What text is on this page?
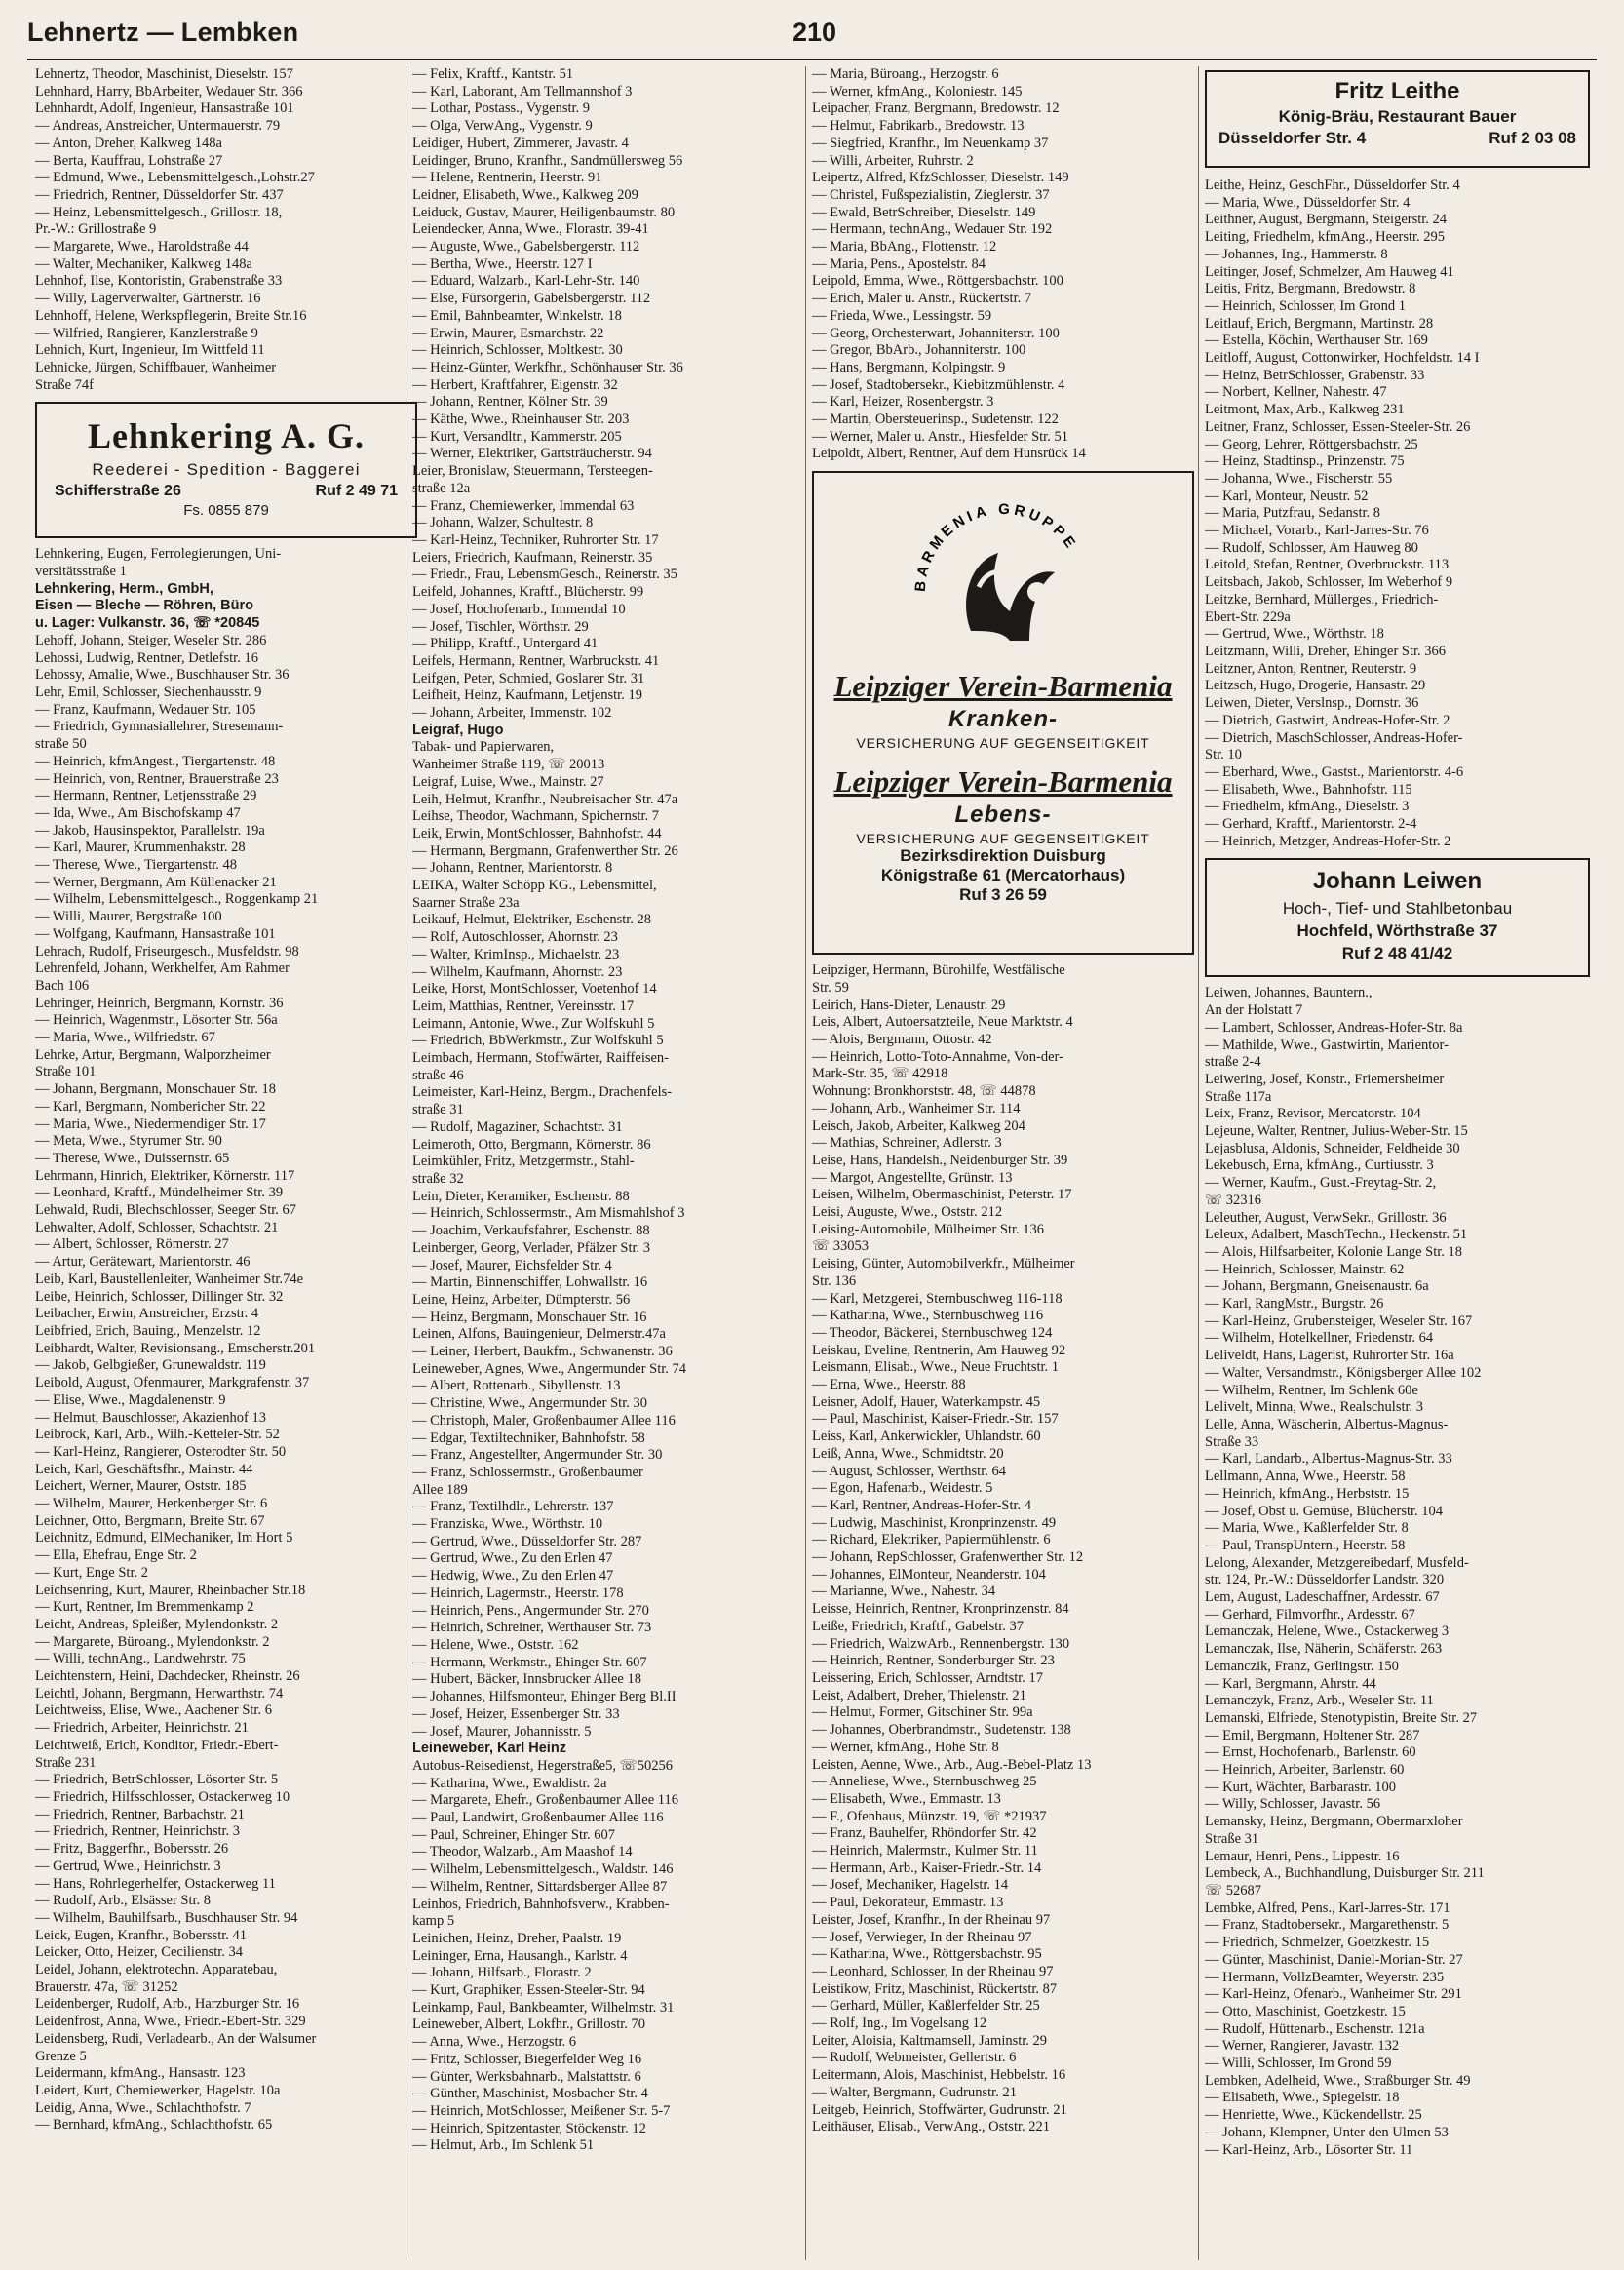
Lehnertz — Lembken	210
Lehnertz, Theodor, Maschinist, Dieselstr. 157
Lehnhard, Harry, BbArbeiter, Wedauer Str. 366
Lehnhardt, Adolf, Ingenieur, Hansastraße 101
— Andreas, Anstreicher, Untermauerstr. 79
— Anton, Dreher, Kalkweg 148a
— Berta, Kauffrau, Lohstraße 27
— Edmund, Wwe., Lebensmittelgesch.,Lohstr.27
— Friedrich, Rentner, Düsseldorfer Str. 437
— Heinz, Lebensmittelgesch., Grillostr. 18,
Pr.-W.: Grillostraße 9
— Margarete, Wwe., Haroldstraße 44
— Walter, Mechaniker, Kalkweg 148a
Lehnhof, Ilse, Kontoristin, Grabenstraße 33
— Willy, Lagerverwalter, Gärtnerstr. 16
Lehnhoff, Helene, Werkspflegerin, Breite Str.16
— Wilfried, Rangierer, Kanzlerstraße 9
Lehnich, Kurt, Ingenieur, Im Wittfeld 11
Lehnicke, Jürgen, Schiffbauer, Wanheimer
Straße 74f
Lehnkering A. G.
Reederei - Spedition - Baggerei
Schifferstraße 26	Ruf 2 49 71
Fs. 0855 879
Lehnkering, Eugen, Ferrolegierungen, Uni-
versitätsstraße 1
Lehnkering, Herm., GmbH,
Eisen — Bleche — Röhren, Büro
u. Lager: Vulkanstr. 36, ☏ *20845
Lehoff, Johann, Steiger, Weseler Str. 286
Lehossi, Ludwig, Rentner, Detlefstr. 16
Lehossy, Amalie, Wwe., Buschhauser Str. 36
Lehr, Emil, Schlosser, Siechenhausstr. 9
— Franz, Kaufmann, Wedauer Str. 105
— Friedrich, Gymnasiallehrer, Stresemann-
straße 50
— Heinrich, kfmAngest., Tiergartenstr. 48
— Heinrich, von, Rentner, Brauerstraße 23
— Hermann, Rentner, Letjensstraße 29
— Ida, Wwe., Am Bischofskamp 47
— Jakob, Hausinspektor, Parallelstr. 19a
— Karl, Maurer, Krummenhakstr. 28
— Therese, Wwe., Tiergartenstr. 48
— Werner, Bergmann, Am Küllenacker 21
— Wilhelm, Lebensmittelgesch., Roggenkamp 21
— Willi, Maurer, Bergstraße 100
— Wolfgang, Kaufmann, Hansastraße 101
Lehrach, Rudolf, Friseurgesch., Musfeldstr. 98
Lehrenfeld, Johann, Werkhelfer, Am Rahmer
Bach 106
Lehringer, Heinrich, Bergmann, Kornstr. 36
— Heinrich, Wagenmstr., Lösorter Str. 56a
— Maria, Wwe., Wilfriedstr. 67
Lehrke, Artur, Bergmann, Walporzheimer
Straße 101
— Johann, Bergmann, Monschauer Str. 18
— Karl, Bergmann, Nombericher Str. 22
— Maria, Wwe., Niedermendiger Str. 17
— Meta, Wwe., Styrumer Str. 90
— Therese, Wwe., Duissernstr. 65
Lehrmann, Hinrich, Elektriker, Körnerstr. 117
— Leonhard, Kraftf., Mündelheimer Str. 39
Lehwald, Rudi, Blechschlosser, Seeger Str. 67
Lehwalter, Adolf, Schlosser, Schachtstr. 21
— Albert, Schlosser, Römerstr. 27
— Artur, Gerätewart, Marientorstr. 46
Leib, Karl, Baustellenleiter, Wanheimer Str.74e
Leibe, Heinrich, Schlosser, Dillinger Str. 32
Leibacher, Erwin, Anstreicher, Erzstr. 4
Leibfried, Erich, Bauing., Menzelstr. 12
Leibhardt, Walter, Revisionsang., Emscherstr.201
— Jakob, Gelbgießer, Grunewaldstr. 119
Leibold, August, Ofenmaurer, Markgrafenstr. 37
— Elise, Wwe., Magdalenenstr. 9
— Helmut, Bauschlosser, Akazienhof 13
Leibrock, Karl, Arb., Wilh.-Ketteler-Str. 52
— Karl-Heinz, Rangierer, Osterodter Str. 50
Leich, Karl, Geschäftsfhr., Mainstr. 44
Leichert, Werner, Maurer, Oststr. 185
— Wilhelm, Maurer, Herkenberger Str. 6
Leichner, Otto, Bergmann, Breite Str. 67
Leichnitz, Edmund, ElMechaniker, Im Hort 5
— Ella, Ehefrau, Enge Str. 2
— Kurt, Enge Str. 2
Leichsenring, Kurt, Maurer, Rheinbacher Str.18
— Kurt, Rentner, Im Bremmenkamp 2
Leicht, Andreas, Spleißer, Mylendonkstr. 2
— Margarete, Büroang., Mylendonkstr. 2
— Willi, technAng., Landwehrstr. 75
Leichtenstern, Heini, Dachdecker, Rheinstr. 26
Leichtl, Johann, Bergmann, Herwarthstr. 74
Leichtweiss, Elise, Wwe., Aachener Str. 6
— Friedrich, Arbeiter, Heinrichstr. 21
Leichtweiß, Erich, Konditor, Friedr.-Ebert-
Straße 231
— Friedrich, BetrSchlosser, Lösorter Str. 5
— Friedrich, Hilfsschlosser, Ostackerweg 10
— Friedrich, Rentner, Barbachstr. 21
— Friedrich, Rentner, Heinrichstr. 3
— Fritz, Baggerfhr., Bobersstr. 26
— Gertrud, Wwe., Heinrichstr. 3
— Hans, Rohrlegerhelfer, Ostackerweg 11
— Rudolf, Arb., Elsässer Str. 8
— Wilhelm, Bauhilfsarb., Buschhauser Str. 94
Leick, Eugen, Kranfhr., Bobersstr. 41
Leicker, Otto, Heizer, Cecilienstr. 34
Leidel, Johann, elektrotechn. Apparatebau,
Brauerstr. 47a, ☏ 31252
Leidenberger, Rudolf, Arb., Harzburger Str. 16
Leidenfrost, Anna, Wwe., Friedr.-Ebert-Str. 329
Leidensberg, Rudi, Verladearb., An der Walsumer
Grenze 5
Leidermann, kfmAng., Hansastr. 123
Leidert, Kurt, Chemiewerker, Hagelstr. 10a
Leidig, Anna, Wwe., Schlachthofstr. 7
— Bernhard, kfmAng., Schlachthofstr. 65
— Felix, Kraftf., Kantstr. 51
— Karl, Laborant, Am Tellmannshof 3
— Lothar, Postass., Vygenstr. 9
— Olga, VerwAng., Vygenstr. 9
Leidiger, Hubert, Zimmerer, Javastr. 4
Leidinger, Bruno, Kranfhr., Sandmüllersweg 56
— Helene, Rentnerin, Heerstr. 91
Leidner, Elisabeth, Wwe., Kalkweg 209
Leiduck, Gustav, Maurer, Heiligenbaumstr. 80
Leiendecker, Anna, Wwe., Florastr. 39-41
— Auguste, Wwe., Gabelsbergerstr. 112
— Bertha, Wwe., Heerstr. 127 I
— Eduard, Walzarb., Karl-Lehr-Str. 140
— Else, Fürsorgerin, Gabelsbergerstr. 112
— Emil, Bahnbeamter, Winkelstr. 18
— Erwin, Maurer, Esmarchstr. 22
— Heinrich, Schlosser, Moltkestr. 30
— Heinz-Günter, Werkfhr., Schönhauser Str. 36
— Herbert, Kraftfahrer, Eigenstr. 32
— Johann, Rentner, Kölner Str. 39
— Käthe, Wwe., Rheinhauser Str. 203
— Kurt, Versandltr., Kammerstr. 205
— Werner, Elektriker, Gartsträucherstr. 94
Leier, Bronislaw, Steuermann, Tersteegen-
straße 12a
— Franz, Chemiewerker, Immendal 63
— Johann, Walzer, Schultestr. 8
— Karl-Heinz, Techniker, Ruhrorter Str. 17
Leiers, Friedrich, Kaufmann, Reinerstr. 35
— Friedr., Frau, LebensmGesch., Reinerstr. 35
Leifeld, Johannes, Kraftf., Blücherstr. 99
— Josef, Hochofenarb., Immendal 10
— Josef, Tischler, Wörthstr. 29
— Philipp, Kraftf., Untergard 41
Leifels, Hermann, Rentner, Warbruckstr. 41
Leifgen, Peter, Schmied, Goslarer Str. 31
Leifheit, Heinz, Kaufmann, Letjenstr. 19
— Johann, Arbeiter, Immenstr. 102
Leigraf, Hugo
Tabak- und Papierwaren,
Wanheimer Straße 119, ☏ 20013
Leigraf, Luise, Wwe., Mainstr. 27
Leih, Helmut, Kranfhr., Neubreisacher Str. 47a
Leihse, Theodor, Wachmann, Spichernstr. 7
Leik, Erwin, MontSchlosser, Bahnhofstr. 44
— Hermann, Bergmann, Grafenwerther Str. 26
— Johann, Rentner, Marientorstr. 8
LEIKA, Walter Schöpp KG., Lebensmittel,
Saarner Straße 23a
Leikauf, Helmut, Elektriker, Eschenstr. 28
— Rolf, Autoschlosser, Ahornstr. 23
— Walter, KrimInsp., Michaelstr. 23
— Wilhelm, Kaufmann, Ahornstr. 23
Leike, Horst, MontSchlosser, Voetenhof 14
Leim, Matthias, Rentner, Vereinsstr. 17
Leimann, Antonie, Wwe., Zur Wolfskuhl 5
— Friedrich, BbWerkmstr., Zur Wolfskuhl 5
Leimbach, Hermann, Stoffwärter, Raiffeisen-
straße 46
Leimeister, Karl-Heinz, Bergm., Drachenfels-
straße 31
— Rudolf, Magaziner, Schachtstr. 31
Leimeroth, Otto, Bergmann, Körnerstr. 86
Leimkühler, Fritz, Metzgermstr., Stahl-
straße 32
Lein, Dieter, Keramiker, Eschenstr. 88
— Heinrich, Schlossermstr., Am Mismahlshof 3
— Joachim, Verkaufsfahrer, Eschenstr. 88
Leinberger, Georg, Verlader, Pfälzer Str. 3
— Josef, Maurer, Eichsfelder Str. 4
— Martin, Binnenschiffer, Lohwallstr. 16
Leine, Heinz, Arbeiter, Dümpterstr. 56
— Heinz, Bergmann, Monschauer Str. 16
Leinen, Alfons, Bauingenieur, Delmerstr.47a
— Leiner, Herbert, Baukfm., Schwanenstr. 36
Leineweber, Agnes, Wwe., Angermunder Str. 74
— Albert, Rottenarb., Sibyllenstr. 13
— Christine, Wwe., Angermunder Str. 30
— Christoph, Maler, Großenbaumer Allee 116
— Edgar, Textiltechniker, Bahnhofstr. 58
— Franz, Angestellter, Angermunder Str. 30
— Franz, Schlossermstr., Großenbaumer
Allee 189
— Franz, Textilhdlr., Lehrerstr. 137
— Franziska, Wwe., Wörthstr. 10
— Gertrud, Wwe., Düsseldorfer Str. 287
— Gertrud, Wwe., Zu den Erlen 47
— Hedwig, Wwe., Zu den Erlen 47
— Heinrich, Lagermstr., Heerstr. 178
— Heinrich, Pens., Angermunder Str. 270
— Heinrich, Schreiner, Werthauser Str. 73
— Helene, Wwe., Oststr. 162
— Hermann, Werkmstr., Ehinger Str. 607
— Hubert, Bäcker, Innsbrucker Allee 18
— Johannes, Hilfsmonteur, Ehinger Berg Bl.II
— Josef, Heizer, Essenberger Str. 33
— Josef, Maurer, Johannisstr. 5
Leineweber, Karl Heinz
Autobus-Reisedienst, Hegerstraße5, ☏50256
— Katharina, Wwe., Ewaldistr. 2a
— Margarete, Ehefr., Großenbaumer Allee 116
— Paul, Landwirt, Großenbaumer Allee 116
— Paul, Schreiner, Ehinger Str. 607
— Theodor, Walzarb., Am Maashof 14
— Wilhelm, Lebensmittelgesch., Waldstr. 146
— Wilhelm, Rentner, Sittardsberger Allee 87
Leinhos, Friedrich, Bahnhofsverw., Krabben-
kamp 5
Leinichen, Heinz, Dreher, Paalstr. 19
Leininger, Erna, Hausangh., Karlstr. 4
— Johann, Hilfsarb., Florastr. 2
— Kurt, Graphiker, Essen-Steeler-Str. 94
Leinkamp, Paul, Bankbeamter, Wilhelmstr. 31
Leineweber, Albert, Lokfhr., Grillostr. 70
— Anna, Wwe., Herzogstr. 6
— Fritz, Schlosser, Biegerfelder Weg 16
— Günter, Werksbahnarb., Malstattstr. 6
— Günther, Maschinist, Mosbacher Str. 4
— Heinrich, MotSchlosser, Meißener Str. 5-7
— Heinrich, Spitzentaster, Stöckenstr. 12
— Helmut, Arb., Im Schlenk 51
— Maria, Büroang., Herzogstr. 6
— Werner, kfmAng., Koloniestr. 145
Leipacher, Franz, Bergmann, Bredowstr. 12
— Helmut, Fabrikarb., Bredowstr. 13
— Siegfried, Kranfhr., Im Neuenkamp 37
— Willi, Arbeiter, Ruhrstr. 2
Leipertz, Alfred, KfzSchlosser, Dieselstr. 149
— Christel, Fußspezialistin, Zieglerstr. 37
— Ewald, BetrSchreiber, Dieselstr. 149
— Hermann, technAng., Wedauer Str. 192
— Maria, BbAng., Flottenstr. 12
— Maria, Pens., Apostelstr. 84
Leipold, Emma, Wwe., Röttgersbachstr. 100
— Erich, Maler u. Anstr., Rückertstr. 7
— Frieda, Wwe., Lessingstr. 59
— Georg, Orchesterwart, Johanniterstr. 100
— Gregor, BbArb., Johanniterstr. 100
— Hans, Bergmann, Kolpingstr. 9
— Josef, Stadtobersekr., Kiebitzmühlenstr. 4
— Karl, Heizer, Rosenbergstr. 3
— Martin, Obersteuerinsp., Sudetenstr. 122
— Werner, Maler u. Anstr., Hiesfelder Str. 51
Leipoldt, Albert, Rentner, Auf dem Hunsrück 14
BARMENIA GRUPPE
Leipziger Verein-Barmenia
Kranken-
VERSICHERUNG AUF GEGENSEITIGKEIT
Leipziger Verein-Barmenia
Lebens-
VERSICHERUNG AUF GEGENSEITIGKEIT
Bezirksdirektion Duisburg
Königstraße 61 (Mercatorhaus)
Ruf 3 26 59
Leipziger, Hermann, Bürohilfe, Westfälische
Str. 59
Leirich, Hans-Dieter, Lenaustr. 29
Leis, Albert, Autoersatzteile, Neue Marktstr. 4
— Alois, Bergmann, Ottostr. 42
— Heinrich, Lotto-Toto-Annahme, Von-der-
Mark-Str. 35, ☏ 42918
Wohnung: Bronkhorststr. 48, ☏ 44878
— Johann, Arb., Wanheimer Str. 114
Leisch, Jakob, Arbeiter, Kalkweg 204
— Mathias, Schreiner, Adlerstr. 3
Leise, Hans, Handelsh., Neidenburger Str. 39
— Margot, Angestellte, Grünstr. 13
Leisen, Wilhelm, Obermaschinist, Peterstr. 17
Leisi, Auguste, Wwe., Oststr. 212
Leising-Automobile, Mülheimer Str. 136
☏ 33053
Leising, Günter, Automobilverkfr., Mülheimer
Str. 136
— Karl, Metzgerei, Sternbuschweg 116-118
— Katharina, Wwe., Sternbuschweg 116
— Theodor, Bäckerei, Sternbuschweg 124
Leiskau, Eveline, Rentnerin, Am Hauweg 92
Leismann, Elisab., Wwe., Neue Fruchtstr. 1
— Erna, Wwe., Heerstr. 88
Leisner, Adolf, Hauer, Waterkampstr. 45
— Paul, Maschinist, Kaiser-Friedr.-Str. 157
Leiss, Karl, Ankerwickler, Uhlandstr. 60
Leiß, Anna, Wwe., Schmidtstr. 20
— August, Schlosser, Werthstr. 64
— Egon, Hafenarb., Weidestr. 5
— Karl, Rentner, Andreas-Hofer-Str. 4
— Ludwig, Maschinist, Kronprinzenstr. 49
— Richard, Elektriker, Papiermühlenstr. 6
— Johann, RepSchlosser, Grafenwerther Str. 12
— Johannes, ElMonteur, Neanderstr. 104
— Marianne, Wwe., Nahestr. 34
Leisse, Heinrich, Rentner, Kronprinzenstr. 84
Leiße, Friedrich, Kraftf., Gabelstr. 37
— Friedrich, WalzwArb., Rennenbergstr. 130
— Heinrich, Rentner, Sonderburger Str. 23
Leissering, Erich, Schlosser, Arndtstr. 17
Leist, Adalbert, Dreher, Thielenstr. 21
— Helmut, Former, Gitschiner Str. 99a
— Johannes, Oberbrandmstr., Sudetenstr. 138
— Werner, kfmAng., Hohe Str. 8
Leisten, Aenne, Wwe., Arb., Aug.-Bebel-Platz 13
— Anneliese, Wwe., Sternbuschweg 25
— Elisabeth, Wwe., Emmastr. 13
— F., Ofenhaus, Münzstr. 19, ☏ *21937
— Franz, Bauhelfer, Rhöndorfer Str. 42
— Heinrich, Malermstr., Kulmer Str. 11
— Hermann, Arb., Kaiser-Friedr.-Str. 14
— Josef, Mechaniker, Hagelstr. 14
— Paul, Dekorateur, Emmastr. 13
Leister, Josef, Kranfhr., In der Rheinau 97
— Josef, Verwieger, In der Rheinau 97
— Katharina, Wwe., Röttgersbachstr. 95
— Leonhard, Schlosser, In der Rheinau 97
Leistikow, Fritz, Maschinist, Rückertstr. 87
— Gerhard, Müller, Kaßlerfelder Str. 25
— Rolf, Ing., Im Vogelsang 12
Leiter, Aloisia, Kaltmamsell, Jaminstr. 29
— Rudolf, Webmeister, Gellertstr. 6
Leitermann, Alois, Maschinist, Hebbelstr. 16
— Walter, Bergmann, Gudrunstr. 21
Leitgeb, Heinrich, Stoffwärter, Gudrunstr. 21
Leithäuser, Elisab., VerwAng., Oststr. 221
Fritz Leithe
König-Bräu, Restaurant Bauer
Düsseldorfer Str. 4	Ruf 2 03 08
Leithe, Heinz, GeschFhr., Düsseldorfer Str. 4
— Maria, Wwe., Düsseldorfer Str. 4
Leithner, August, Bergmann, Steigerstr. 24
Leiting, Friedhelm, kfmAng., Heerstr. 295
— Johannes, Ing., Hammerstr. 8
Leitinger, Josef, Schmelzer, Am Hauweg 41
Leitis, Fritz, Bergmann, Bredowstr. 8
— Heinrich, Schlosser, Im Grond 1
Leitlauf, Erich, Bergmann, Martinstr. 28
— Estella, Köchin, Werthauser Str. 169
Leitloff, August, Cottonwirker, Hochfeldstr. 14 I
— Heinz, BetrSchlosser, Grabenstr. 33
— Norbert, Kellner, Nahestr. 47
Leitmont, Max, Arb., Kalkweg 231
Leitner, Franz, Schlosser, Essen-Steeler-Str. 26
— Georg, Lehrer, Röttgersbachstr. 25
— Heinz, Stadtinsp., Prinzenstr. 75
— Johanna, Wwe., Fischerstr. 55
— Karl, Monteur, Neustr. 52
— Maria, Putzfrau, Sedanstr. 8
— Michael, Vorarb., Karl-Jarres-Str. 76
— Rudolf, Schlosser, Am Hauweg 80
Leitold, Stefan, Rentner, Overbruckstr. 113
Leitsbach, Jakob, Schlosser, Im Weberhof 9
Leitzke, Bernhard, Müllerges., Friedrich-
Ebert-Str. 229a
— Gertrud, Wwe., Wörthstr. 18
Leitzmann, Willi, Dreher, Ehinger Str. 366
Leitzner, Anton, Rentner, Reuterstr. 9
Leitzsch, Hugo, Drogerie, Hansastr. 29
Leiwen, Dieter, Verslnsp., Dornstr. 36
— Dietrich, Gastwirt, Andreas-Hofer-Str. 2
— Dietrich, MaschSchlosser, Andreas-Hofer-
Str. 10
— Eberhard, Wwe., Gastst., Marientorstr. 4-6
— Elisabeth, Wwe., Bahnhofstr. 115
— Friedhelm, kfmAng., Dieselstr. 3
— Gerhard, Kraftf., Marientorstr. 2-4
— Heinrich, Metzger, Andreas-Hofer-Str. 2
Johann Leiwen
Hoch-, Tief- und Stahlbetonbau
Hochfeld, Wörthstraße 37
Ruf 2 48 41/42
Leiwen, Johannes, Bauntern.,
An der Holstatt 7
— Lambert, Schlosser, Andreas-Hofer-Str. 8a
— Mathilde, Wwe., Gastwirtin, Marientor-
straße 2-4
Leiwering, Josef, Konstr., Friemersheimer
Straße 117a
Leix, Franz, Revisor, Mercatorstr. 104
Lejeune, Walter, Rentner, Julius-Weber-Str. 15
Lejasblusa, Aldonis, Schneider, Feldheide 30
Lekebusch, Erna, kfmAng., Curtiusstr. 3
— Werner, Kaufm., Gust.-Freytag-Str. 2,
☏ 32316
Leleuther, August, VerwSekr., Grillostr. 36
Leleux, Adalbert, MaschTechn., Heckenstr. 51
— Alois, Hilfsarbeiter, Kolonie Lange Str. 18
— Heinrich, Schlosser, Mainstr. 62
— Johann, Bergmann, Gneisenaustr. 6a
— Karl, RangMstr., Burgstr. 26
— Karl-Heinz, Grubensteiger, Weseler Str. 167
— Wilhelm, Hotelkellner, Friedenstr. 64
Leliveldt, Hans, Lagerist, Ruhrorter Str. 16a
— Walter, Versandmstr., Königsberger Allee 102
— Wilhelm, Rentner, Im Schlenk 60e
Lelivelt, Minna, Wwe., Realschulstr. 3
Lelle, Anna, Wäscherin, Albertus-Magnus-
Straße 33
— Karl, Landarb., Albertus-Magnus-Str. 33
Lellmann, Anna, Wwe., Heerstr. 58
— Heinrich, kfmAng., Herbststr. 15
— Josef, Obst u. Gemüse, Blücherstr. 104
— Maria, Wwe., Kaßlerfelder Str. 8
— Paul, TranspUntern., Heerstr. 58
Lelong, Alexander, Metzgereibedarf, Musfeld-
str. 124, Pr.-W.: Düsseldorfer Landstr. 320
Lem, August, Ladeschaffner, Ardesstr. 67
— Gerhard, Filmvorfhr., Ardesstr. 67
Lemanczak, Helene, Wwe., Ostackerweg 3
Lemanczak, Ilse, Näherin, Schäferstr. 263
Lemanczik, Franz, Gerlingstr. 150
— Karl, Bergmann, Ahrstr. 44
Lemanczyk, Franz, Arb., Weseler Str. 11
Lemanski, Elfriede, Stenotypistin, Breite Str. 27
— Emil, Bergmann, Holtener Str. 287
— Ernst, Hochofenarb., Barlenstr. 60
— Heinrich, Arbeiter, Barlenstr. 60
— Kurt, Wächter, Barbarastr. 100
— Willy, Schlosser, Javastr. 56
Lemansky, Heinz, Bergmann, Obermarxloher
Straße 31
Lemaur, Henri, Pens., Lippestr. 16
Lembeck, A., Buchhandlung, Duisburger Str. 211
☏ 52687
Lembke, Alfred, Pens., Karl-Jarres-Str. 171
— Franz, Stadtobersekr., Margarethenstr. 5
— Friedrich, Schmelzer, Goetzkestr. 15
— Günter, Maschinist, Daniel-Morian-Str. 27
— Hermann, VollzBeamter, Weyerstr. 235
— Karl-Heinz, Ofenarb., Wanheimer Str. 291
— Otto, Maschinist, Goetzkestr. 15
— Rudolf, Hüttenarb., Eschenstr. 121a
— Werner, Rangierer, Javastr. 132
— Willi, Schlosser, Im Grond 59
Lembken, Adelheid, Wwe., Straßburger Str. 49
— Elisabeth, Wwe., Spiegelstr. 18
— Henriette, Wwe., Kückendellstr. 25
— Johann, Klempner, Unter den Ulmen 53
— Karl-Heinz, Arb., Lösorter Str. 11
